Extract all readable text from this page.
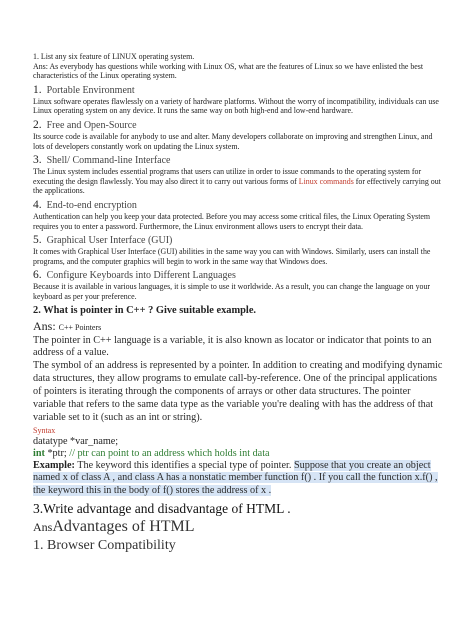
1. List any six feature of LINUX operating system.

Ans: As everybody has questions while working with Linux OS, what are the features of Linux so we have enlisted the best characteristics of the Linux operating system.

1. Portable Environment

Linux software operates flawlessly on a variety of hardware platforms. Without the worry of incompatibility, individuals can use Linux operating system on any device. It runs the same way on both high-end and low-end hardware.

2. Free and Open-Source

Its source code is available for anybody to use and alter. Many developers collaborate on improving and strengthen Linux, and lots of developers constantly work on updating the Linux system.

3. Shell/ Command-line Interface

The Linux system includes essential programs that users can utilize in order to issue commands to the operating system for executing the design flawlessly. You may also direct it to carry out various forms of Linux commands for effectively carrying out the applications.

4. End-to-end encryption

Authentication can help you keep your data protected. Before you may access some critical files, the Linux Operating System requires you to enter a password. Furthermore, the Linux environment allows users to encrypt their data.

5. Graphical User Interface (GUI)

It comes with Graphical User Interface (GUI) abilities in the same way you can with Windows. Similarly, users can install the programs, and the computer graphics will begin to work in the same way that Windows does.

6. Configure Keyboards into Different Languages

Because it is available in various languages, it is simple to use it worldwide. As a result, you can change the language on your keyboard as per your preference.

2. What is pointer in C++ ? Give suitable example.

Ans: C++ Pointers

The pointer in C++ language is a variable, it is also known as locator or indicator that points to an address of a value.

The symbol of an address is represented by a pointer. In addition to creating and modifying dynamic data structures, they allow programs to emulate call-by-reference. One of the principal applications of pointers is iterating through the components of arrays or other data structures. The pointer variable that refers to the same data type as the variable you're dealing with has the address of that variable set to it (such as an int or string).

Syntax

datatype *var_name;

int *ptr; // ptr can point to an address which holds int data

Example: The keyword this identifies a special type of pointer. Suppose that you create an object named x of class A , and class A has a nonstatic member function f() . If you call the function x.f() , the keyword this in the body of f() stores the address of x .

3.Write advantage and disadvantage of HTML .

AnsAdvantages of HTML

1. Browser Compatibility
